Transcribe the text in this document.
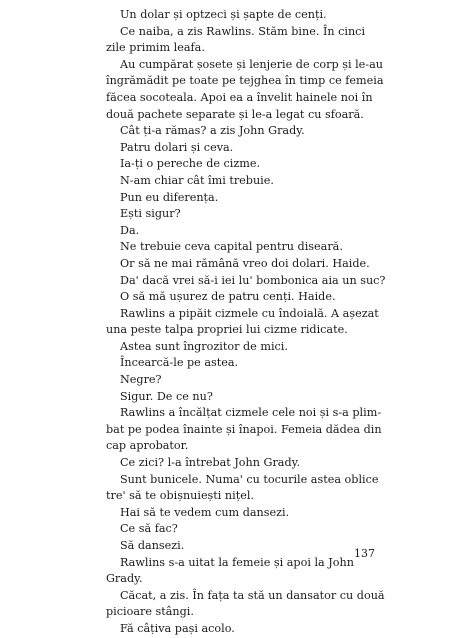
Un dolar și optzeci și șapte de cenți.

Ce naiba, a zis Rawlins. Stăm bine. În cinci

zile primim leafa.

Au cumpărat șosete și lenjerie de corp și le-au

îngrămădit pe toate pe tejghea în timp ce femeia

făcea socoteala. Apoi ea a învelit hainele noi în

două pachete separate și le-a legat cu sfoară.

Cât ți-a rămas? a zis John Grady.

Patru dolari și ceva.

Ia-ți o pereche de cizme.

N-am chiar cât îmi trebuie.

Pun eu diferența.

Ești sigur?

Da.

Ne trebuie ceva capital pentru diseară.

Or să ne mai rămână vreo doi dolari. Haide.

Da' dacă vrei să-i iei lu' bombonica aia un suc?

O să mă ușurez de patru cenți. Haide.

Rawlins a pipăit cizmele cu îndoială. A așezat

una peste talpa propriei lui cizme ridicate.

Astea sunt îngrozitor de mici.

Încearcă-le pe astea.

Negre?

Sigur. De ce nu?

Rawlins a încălțat cizmele cele noi și s-a plim-

bat pe podea înainte și înapoi. Femeia dădea din

cap aprobator.

Ce zici? l-a întrebat John Grady.

Sunt bunicele. Numa' cu tocurile astea oblice

tre' să te obișnuiești nițel.

Hai să te vedem cum dansezi.

Ce să fac?

Să dansezi.

Rawlins s-a uitat la femeie și apoi la John

Grady.

Căcat, a zis. În fața ta stă un dansator cu două

picioare stângi.

Fă câțiva pași acolo.

137
